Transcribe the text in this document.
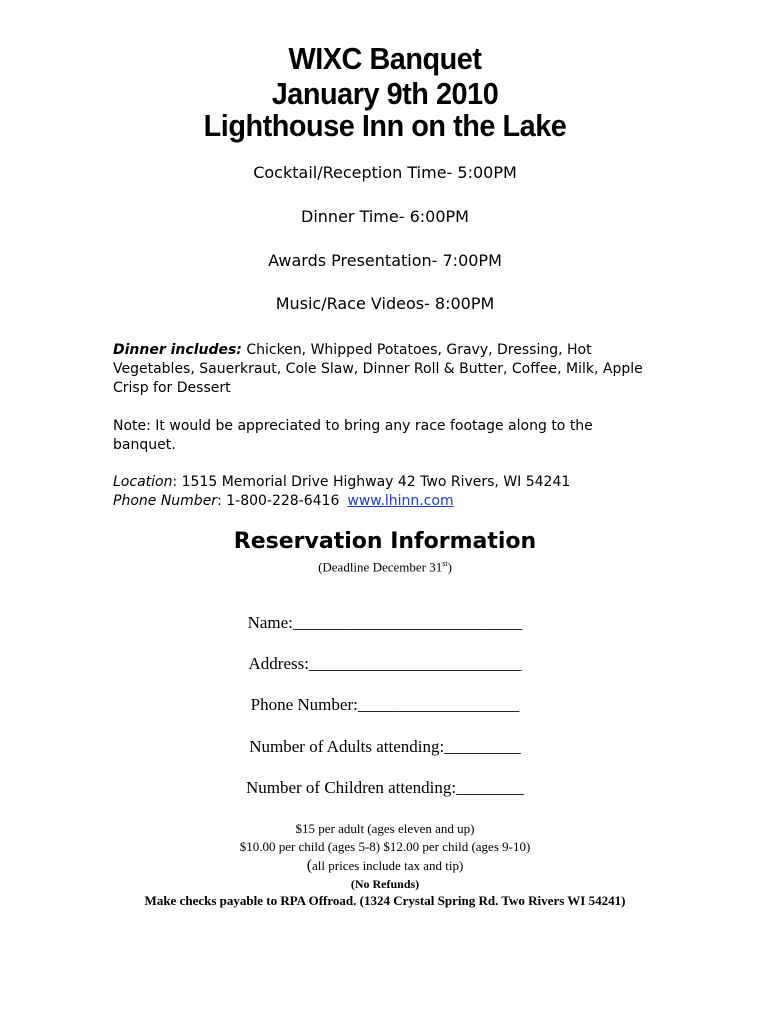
WIXC Banquet
January 9th 2010
Lighthouse Inn on the Lake
Cocktail/Reception Time- 5:00PM
Dinner Time- 6:00PM
Awards Presentation- 7:00PM
Music/Race Videos- 8:00PM
Dinner includes: Chicken, Whipped Potatoes, Gravy, Dressing, Hot Vegetables, Sauerkraut, Cole Slaw, Dinner Roll & Butter, Coffee, Milk, Apple Crisp for Dessert
Note: It would be appreciated to bring any race footage along to the banquet.
Location: 1515 Memorial Drive Highway 42 Two Rivers, WI 54241
Phone Number: 1-800-228-6416 www.lhinn.com
Reservation Information
(Deadline December 31st)
Name:___________________________
Address:_________________________
Phone Number:___________________
Number of Adults attending:_________
Number of Children attending:________
$15 per adult (ages eleven and up)
$10.00 per child (ages 5-8) $12.00 per child (ages 9-10)
(all prices include tax and tip)
(No Refunds)
Make checks payable to RPA Offroad. (1324 Crystal Spring Rd. Two Rivers WI 54241)
